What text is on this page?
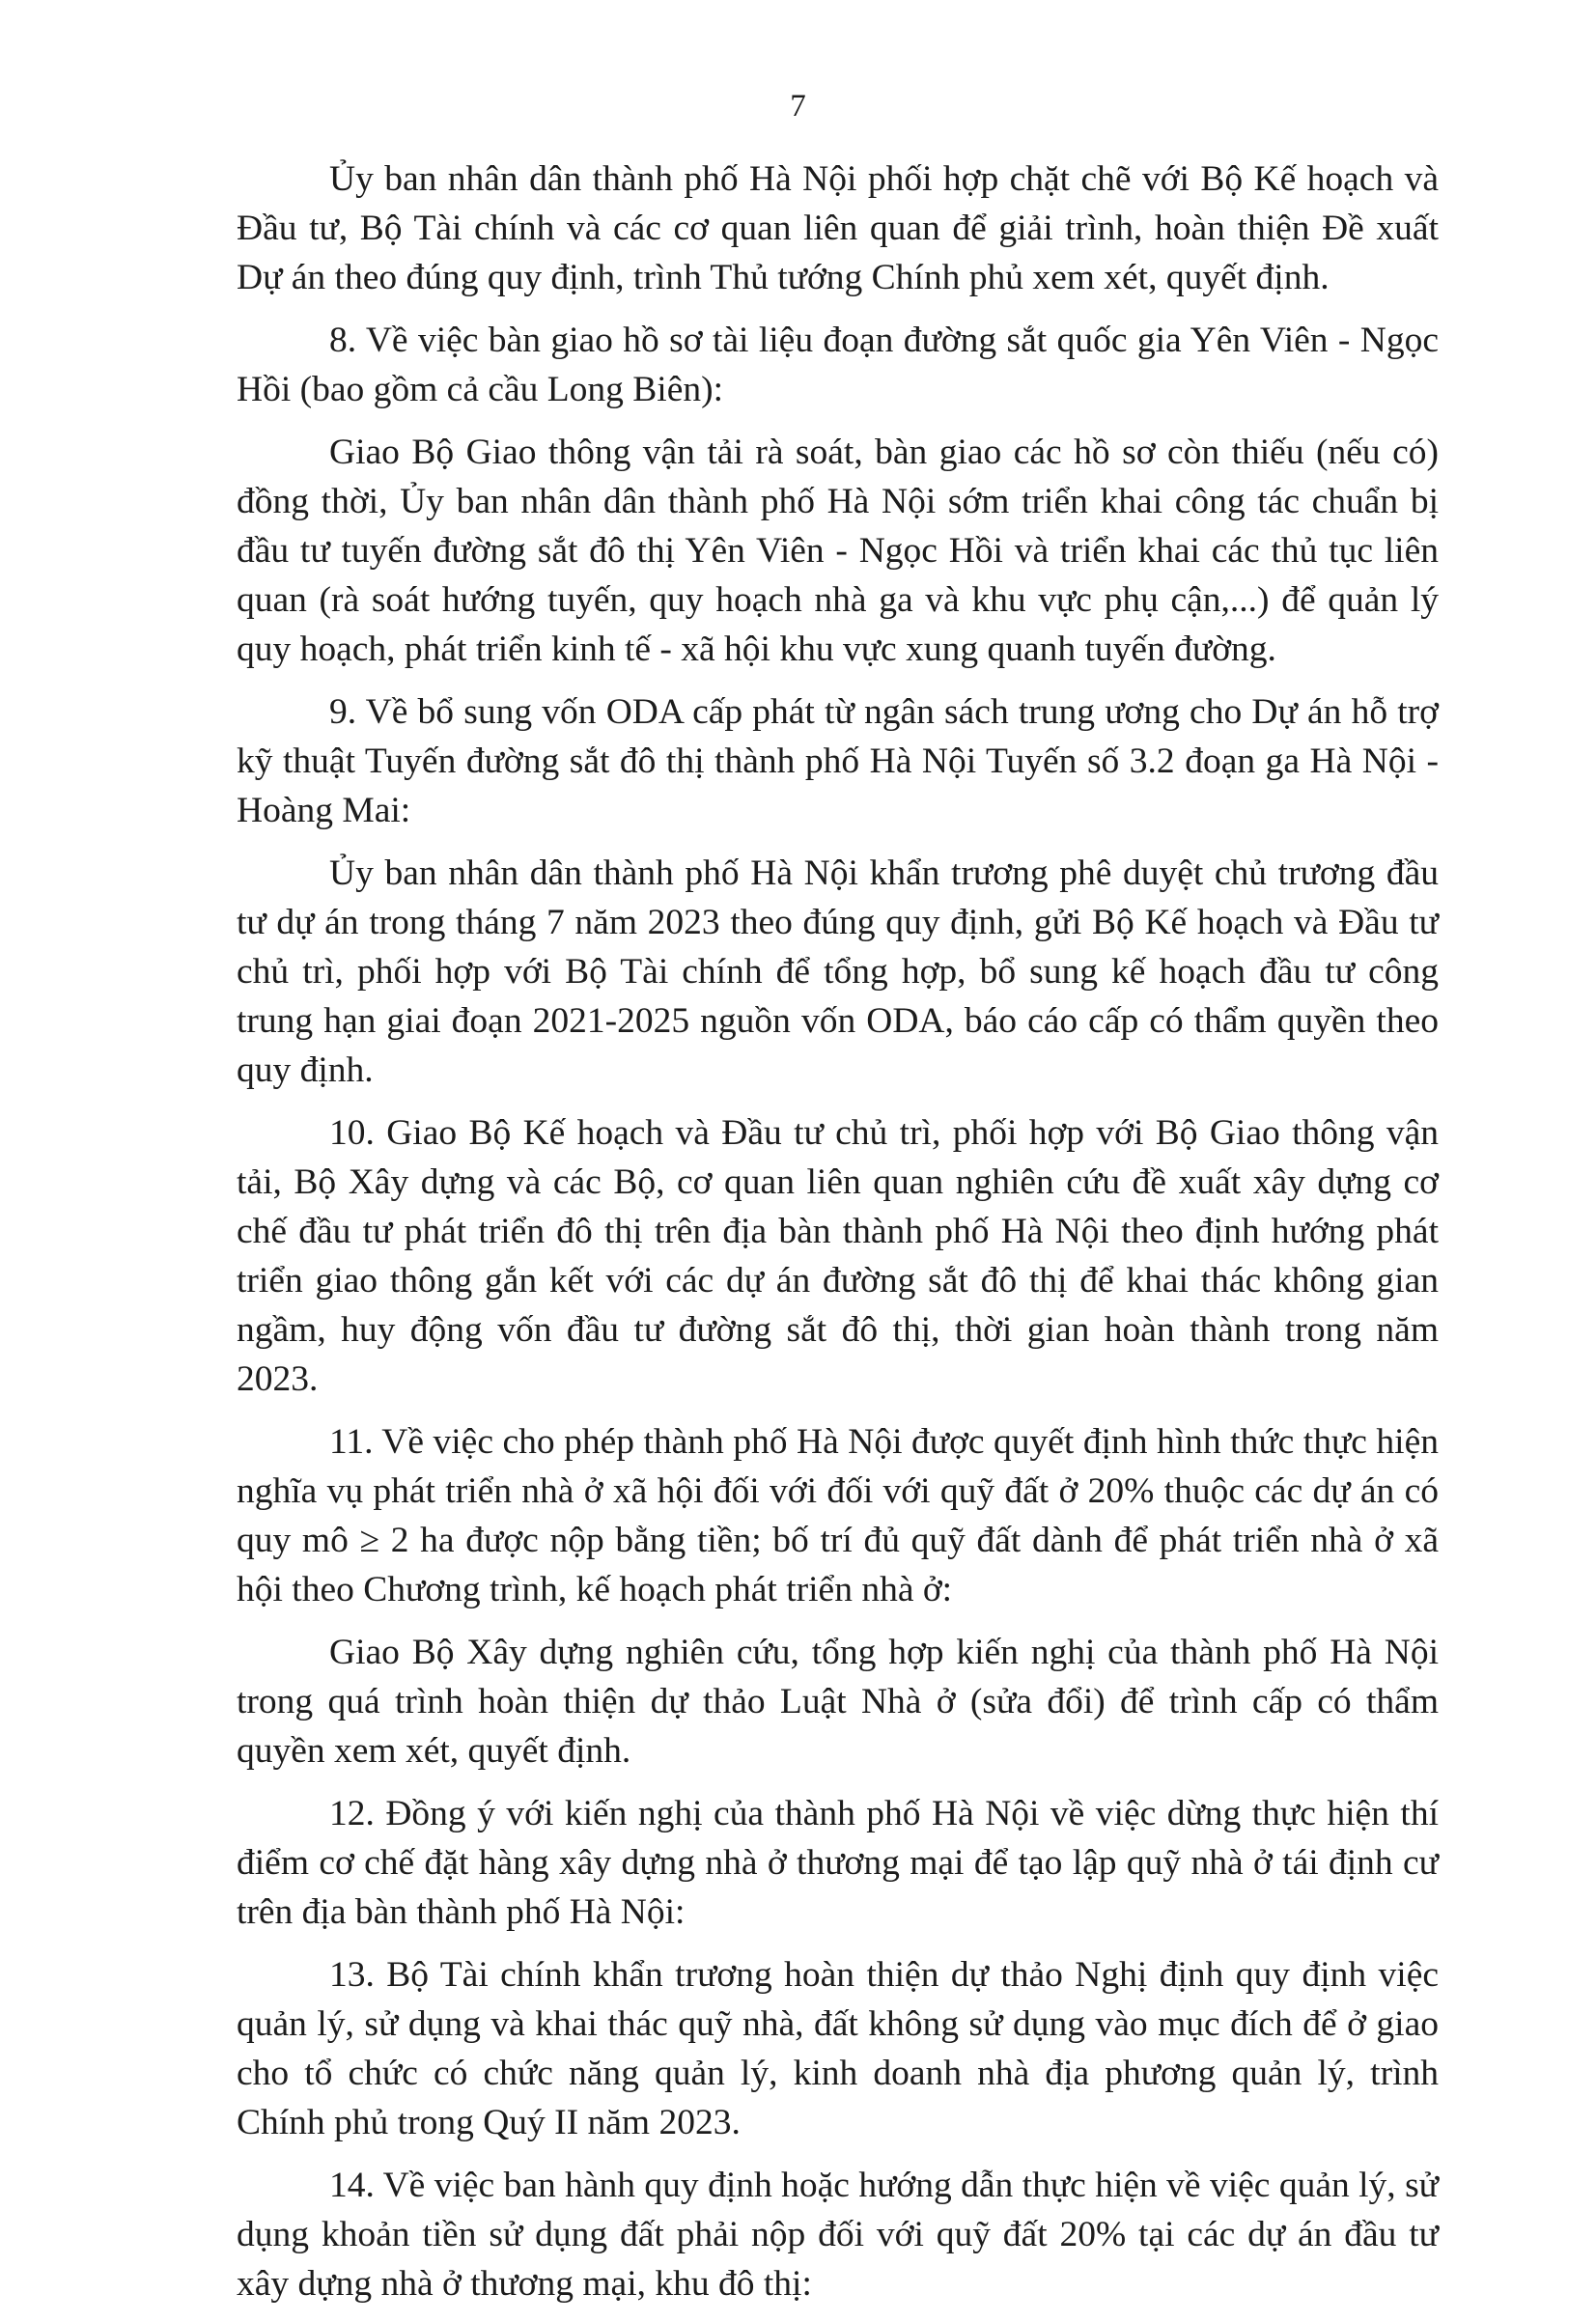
7

Ủy ban nhân dân thành phố Hà Nội phối hợp chặt chẽ với Bộ Kế hoạch và Đầu tư, Bộ Tài chính và các cơ quan liên quan để giải trình, hoàn thiện Đề xuất Dự án theo đúng quy định, trình Thủ tướng Chính phủ xem xét, quyết định.

8. Về việc bàn giao hồ sơ tài liệu đoạn đường sắt quốc gia Yên Viên - Ngọc Hồi (bao gồm cả cầu Long Biên):

Giao Bộ Giao thông vận tải rà soát, bàn giao các hồ sơ còn thiếu (nếu có) đồng thời, Ủy ban nhân dân thành phố Hà Nội sớm triển khai công tác chuẩn bị đầu tư tuyến đường sắt đô thị Yên Viên - Ngọc Hồi và triển khai các thủ tục liên quan (rà soát hướng tuyến, quy hoạch nhà ga và khu vực phụ cận,...) để quản lý quy hoạch, phát triển kinh tế - xã hội khu vực xung quanh tuyến đường.

9. Về bổ sung vốn ODA cấp phát từ ngân sách trung ương cho Dự án hỗ trợ kỹ thuật Tuyến đường sắt đô thị thành phố Hà Nội Tuyến số 3.2 đoạn ga Hà Nội - Hoàng Mai:

Ủy ban nhân dân thành phố Hà Nội khẩn trương phê duyệt chủ trương đầu tư dự án trong tháng 7 năm 2023 theo đúng quy định, gửi Bộ Kế hoạch và Đầu tư chủ trì, phối hợp với Bộ Tài chính để tổng hợp, bổ sung kế hoạch đầu tư công trung hạn giai đoạn 2021-2025 nguồn vốn ODA, báo cáo cấp có thẩm quyền theo quy định.

10. Giao Bộ Kế hoạch và Đầu tư chủ trì, phối hợp với Bộ Giao thông vận tải, Bộ Xây dựng và các Bộ, cơ quan liên quan nghiên cứu đề xuất xây dựng cơ chế đầu tư phát triển đô thị trên địa bàn thành phố Hà Nội theo định hướng phát triển giao thông gắn kết với các dự án đường sắt đô thị để khai thác không gian ngầm, huy động vốn đầu tư đường sắt đô thị, thời gian hoàn thành trong năm 2023.

11. Về việc cho phép thành phố Hà Nội được quyết định hình thức thực hiện nghĩa vụ phát triển nhà ở xã hội đối với đối với quỹ đất ở 20% thuộc các dự án có quy mô ≥ 2 ha được nộp bằng tiền; bố trí đủ quỹ đất dành để phát triển nhà ở xã hội theo Chương trình, kế hoạch phát triển nhà ở:

Giao Bộ Xây dựng nghiên cứu, tổng hợp kiến nghị của thành phố Hà Nội trong quá trình hoàn thiện dự thảo Luật Nhà ở (sửa đổi) để trình cấp có thẩm quyền xem xét, quyết định.

12. Đồng ý với kiến nghị của thành phố Hà Nội về việc dừng thực hiện thí điểm cơ chế đặt hàng xây dựng nhà ở thương mại để tạo lập quỹ nhà ở tái định cư trên địa bàn thành phố Hà Nội:

13. Bộ Tài chính khẩn trương hoàn thiện dự thảo Nghị định quy định việc quản lý, sử dụng và khai thác quỹ nhà, đất không sử dụng vào mục đích để ở giao cho tổ chức có chức năng quản lý, kinh doanh nhà địa phương quản lý, trình Chính phủ trong Quý II năm 2023.

14. Về việc ban hành quy định hoặc hướng dẫn thực hiện về việc quản lý, sử dụng khoản tiền sử dụng đất phải nộp đối với quỹ đất 20% tại các dự án đầu tư xây dựng nhà ở thương mại, khu đô thị:
